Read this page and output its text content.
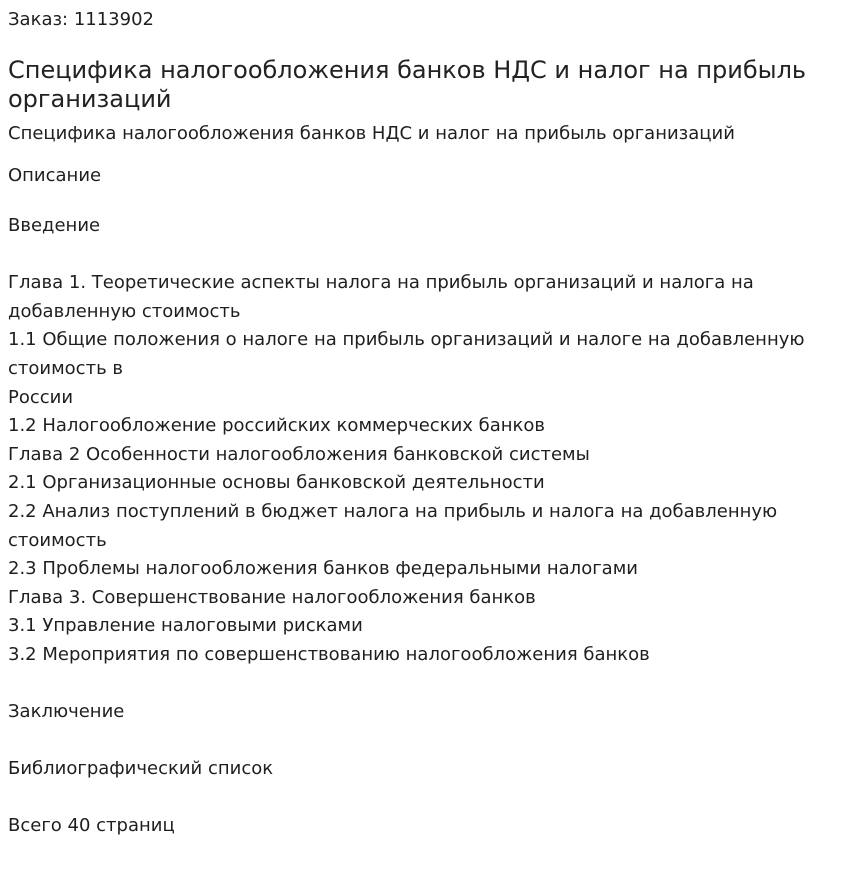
Заказ: 1113902

Специфика налогообложения банков НДС и налог на прибыль организаций

Специфика налогообложения банков НДС и налог на прибыль организаций

Описание

Введение

Глава 1. Теоретические аспекты налога на прибыль организаций и налога на добавленную стоимость
1.1 Общие положения о налоге на прибыль организаций и налоге на добавленную стоимость в
России
1.2 Налогообложение российских коммерческих банков
Глава 2 Особенности налогообложения банковской системы
2.1 Организационные основы банковской деятельности
2.2 Анализ поступлений в бюджет налога на прибыль и налога на добавленную стоимость
2.3 Проблемы налогообложения банков федеральными налогами
Глава 3. Совершенствование налогообложения банков
3.1 Управление налоговыми рисками
3.2 Мероприятия по совершенствованию налогообложения банков

Заключение

Библиографический список

Всего 40 страниц
